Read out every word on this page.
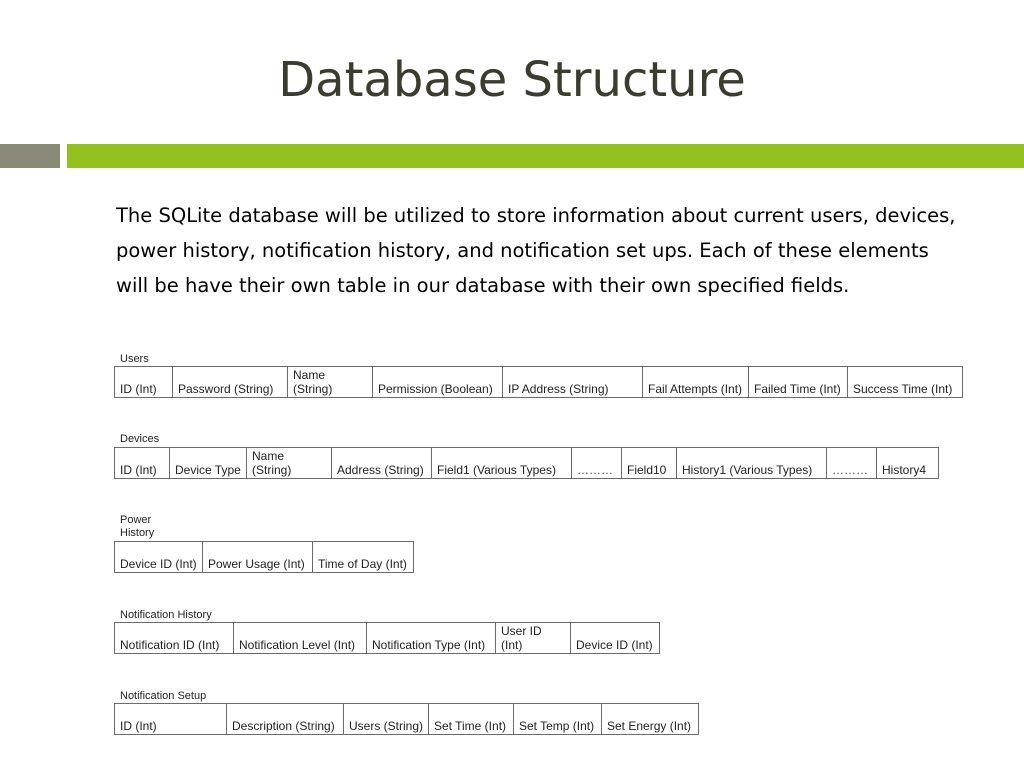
Database Structure
The SQLite database will be utilized to store information about current users, devices, power history, notification history, and notification set ups. Each of these elements will be have their own table in our database with their own specified fields.
Users
ID (Int)	Password (String)	Name (String)	Permission (Boolean)	IP Address (String)	Fail Attempts (Int)	Failed Time (Int)	Success Time (Int)
Devices
ID (Int)	Device Type	Name (String)	Address (String)	Field1 (Various Types)	………	Field10	History1 (Various Types)	………	History4
Power History
Device ID (Int)	Power Usage (Int)	Time of Day (Int)
Notification History
Notification ID (Int)	Notification Level (Int)	Notification Type (Int)	User ID (Int)	Device ID (Int)
Notification Setup
ID (Int)	Description (String)	Users (String)	Set Time (Int)	Set Temp (Int)	Set Energy (Int)
